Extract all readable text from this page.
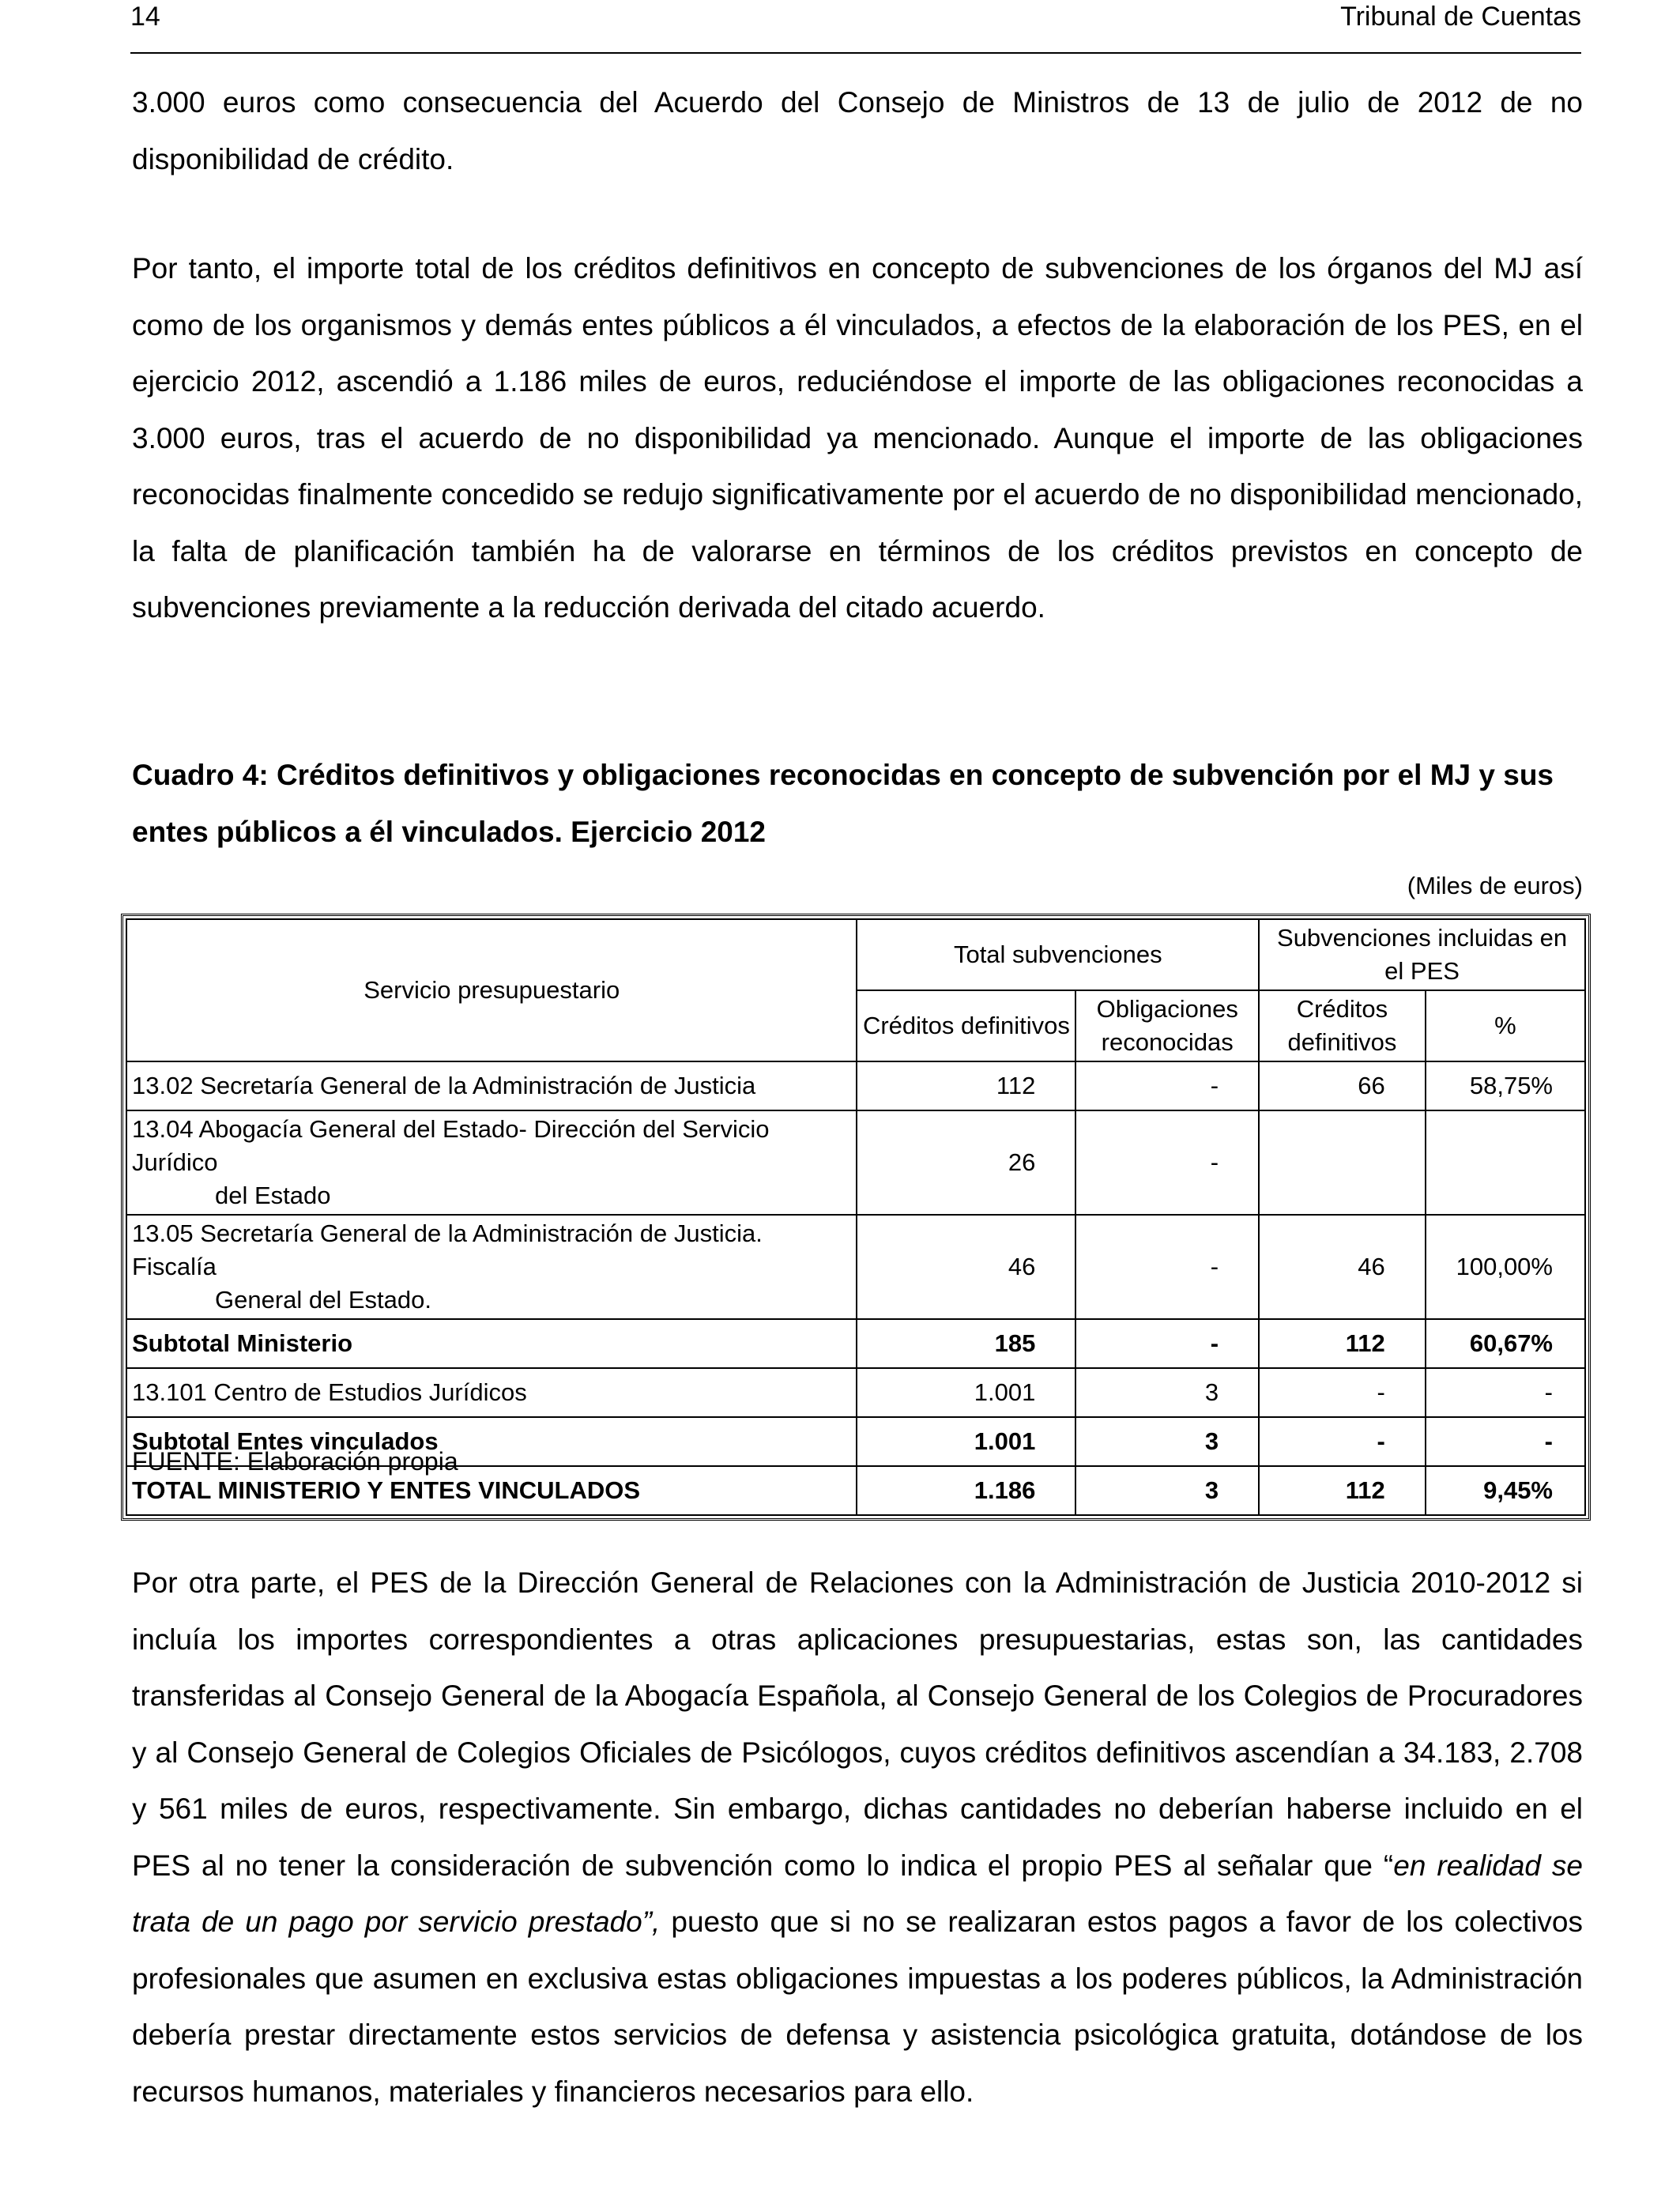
14	Tribunal de Cuentas

3.000 euros como consecuencia del Acuerdo del Consejo de Ministros de 13 de julio de 2012 de no disponibilidad de crédito.

Por tanto, el importe total de los créditos definitivos en concepto de subvenciones de los órganos del MJ así como de los organismos y demás entes públicos a él vinculados, a efectos de la elaboración de los PES, en el ejercicio 2012, ascendió a 1.186 miles de euros, reduciéndose el importe de las obligaciones reconocidas a 3.000 euros, tras el acuerdo de no disponibilidad ya mencionado. Aunque el importe de las obligaciones reconocidas finalmente concedido se redujo significativamente por el acuerdo de no disponibilidad mencionado, la falta de planificación también ha de valorarse en términos de los créditos previstos en concepto de subvenciones previamente a la reducción derivada del citado acuerdo.

Cuadro 4: Créditos definitivos y obligaciones reconocidas en concepto de subvención por el MJ y sus entes públicos a él vinculados. Ejercicio 2012

(Miles de euros)
Servicio presupuestario	Total subvenciones		Subvenciones incluidas en el PES	
	Créditos definitivos	Obligaciones reconocidas	Créditos definitivos	%
13.02 Secretaría General de la Administración de Justicia	112	-	66	58,75%
13.04 Abogacía General del Estado- Dirección del Servicio Jurídico
del Estado	26	-		
13.05 Secretaría General de la Administración de Justicia. Fiscalía
General del Estado.	46	-	46	100,00%
Subtotal Ministerio	185	-	112	60,67%
13.101 Centro de Estudios Jurídicos	1.001	3	-	-
Subtotal Entes vinculados	1.001	3	-	-
TOTAL MINISTERIO Y ENTES VINCULADOS	1.186	3	112	9,45%
FUENTE: Elaboración propia

Por otra parte, el PES de la Dirección General de Relaciones con la Administración de Justicia 2010-2012 si incluía los importes correspondientes a otras aplicaciones presupuestarias, estas son, las cantidades transferidas al Consejo General de la Abogacía Española, al Consejo General de los Colegios de Procuradores y al Consejo General de Colegios Oficiales de Psicólogos, cuyos créditos definitivos ascendían a 34.183, 2.708 y 561 miles de euros, respectivamente. Sin embargo, dichas cantidades no deberían haberse incluido en el PES al no tener la consideración de subvención como lo indica el propio PES al señalar que “en realidad se trata de un pago por servicio prestado”, puesto que si no se realizaran estos pagos a favor de los colectivos profesionales que asumen en exclusiva estas obligaciones impuestas a los poderes públicos, la Administración debería prestar directamente estos servicios de defensa y asistencia psicológica gratuita, dotándose de los recursos humanos, materiales y financieros necesarios para ello.
